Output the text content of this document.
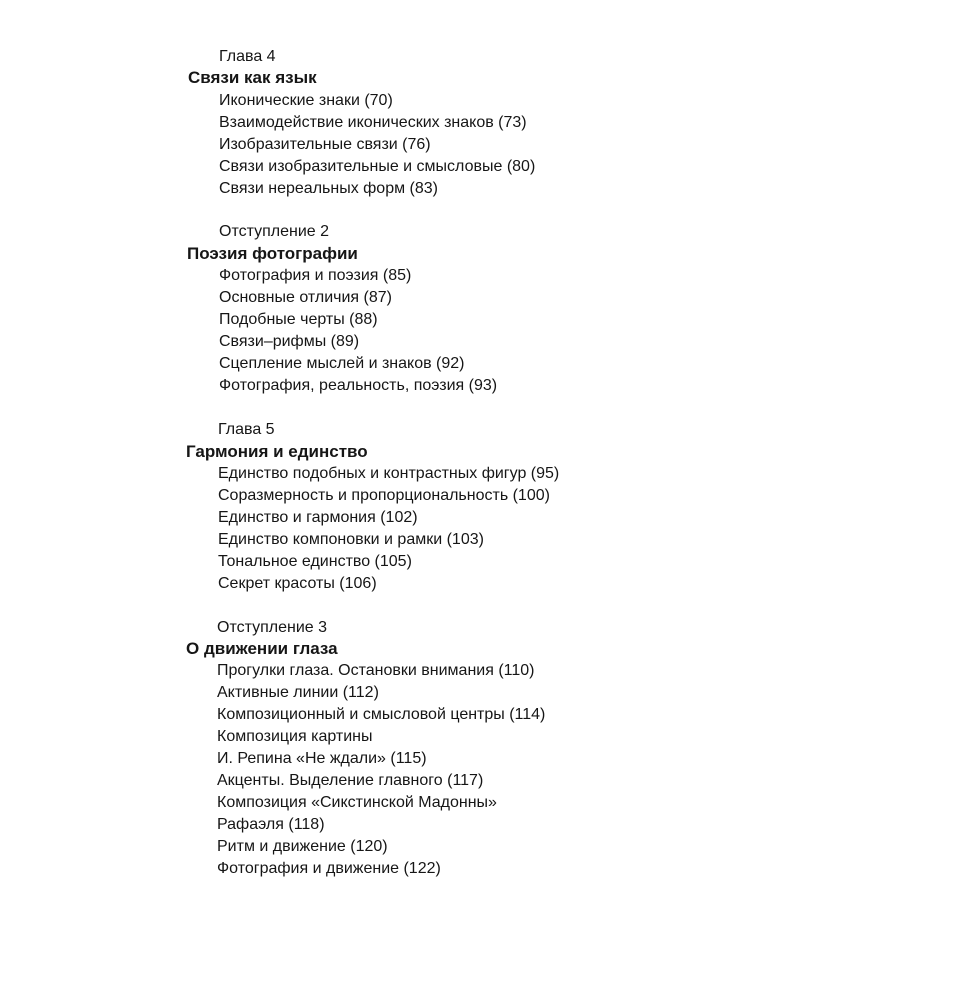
Глава 4
Связи как язык
Иконические знаки (70)
Взаимодействие иконических знаков (73)
Изобразительные связи (76)
Связи изобразительные и смысловые (80)
Связи нереальных форм (83)
Отступление 2
Поэзия фотографии
Фотография и поэзия (85)
Основные отличия (87)
Подобные черты (88)
Связи–рифмы (89)
Сцепление мыслей и знаков (92)
Фотография, реальность, поэзия (93)
Глава 5
Гармония и единство
Единство подобных и контрастных фигур (95)
Соразмерность и пропорциональность (100)
Единство и гармония (102)
Единство компоновки и рамки (103)
Тональное единство (105)
Секрет красоты (106)
Отступление 3
О движении глаза
Прогулки глаза. Остановки внимания (110)
Активные линии (112)
Композиционный и смысловой центры (114)
Композиция картины
И. Репина «Не ждали» (115)
Акценты. Выделение главного (117)
Композиция «Сикстинской Мадонны»
Рафаэля (118)
Ритм и движение (120)
Фотография и движение (122)
